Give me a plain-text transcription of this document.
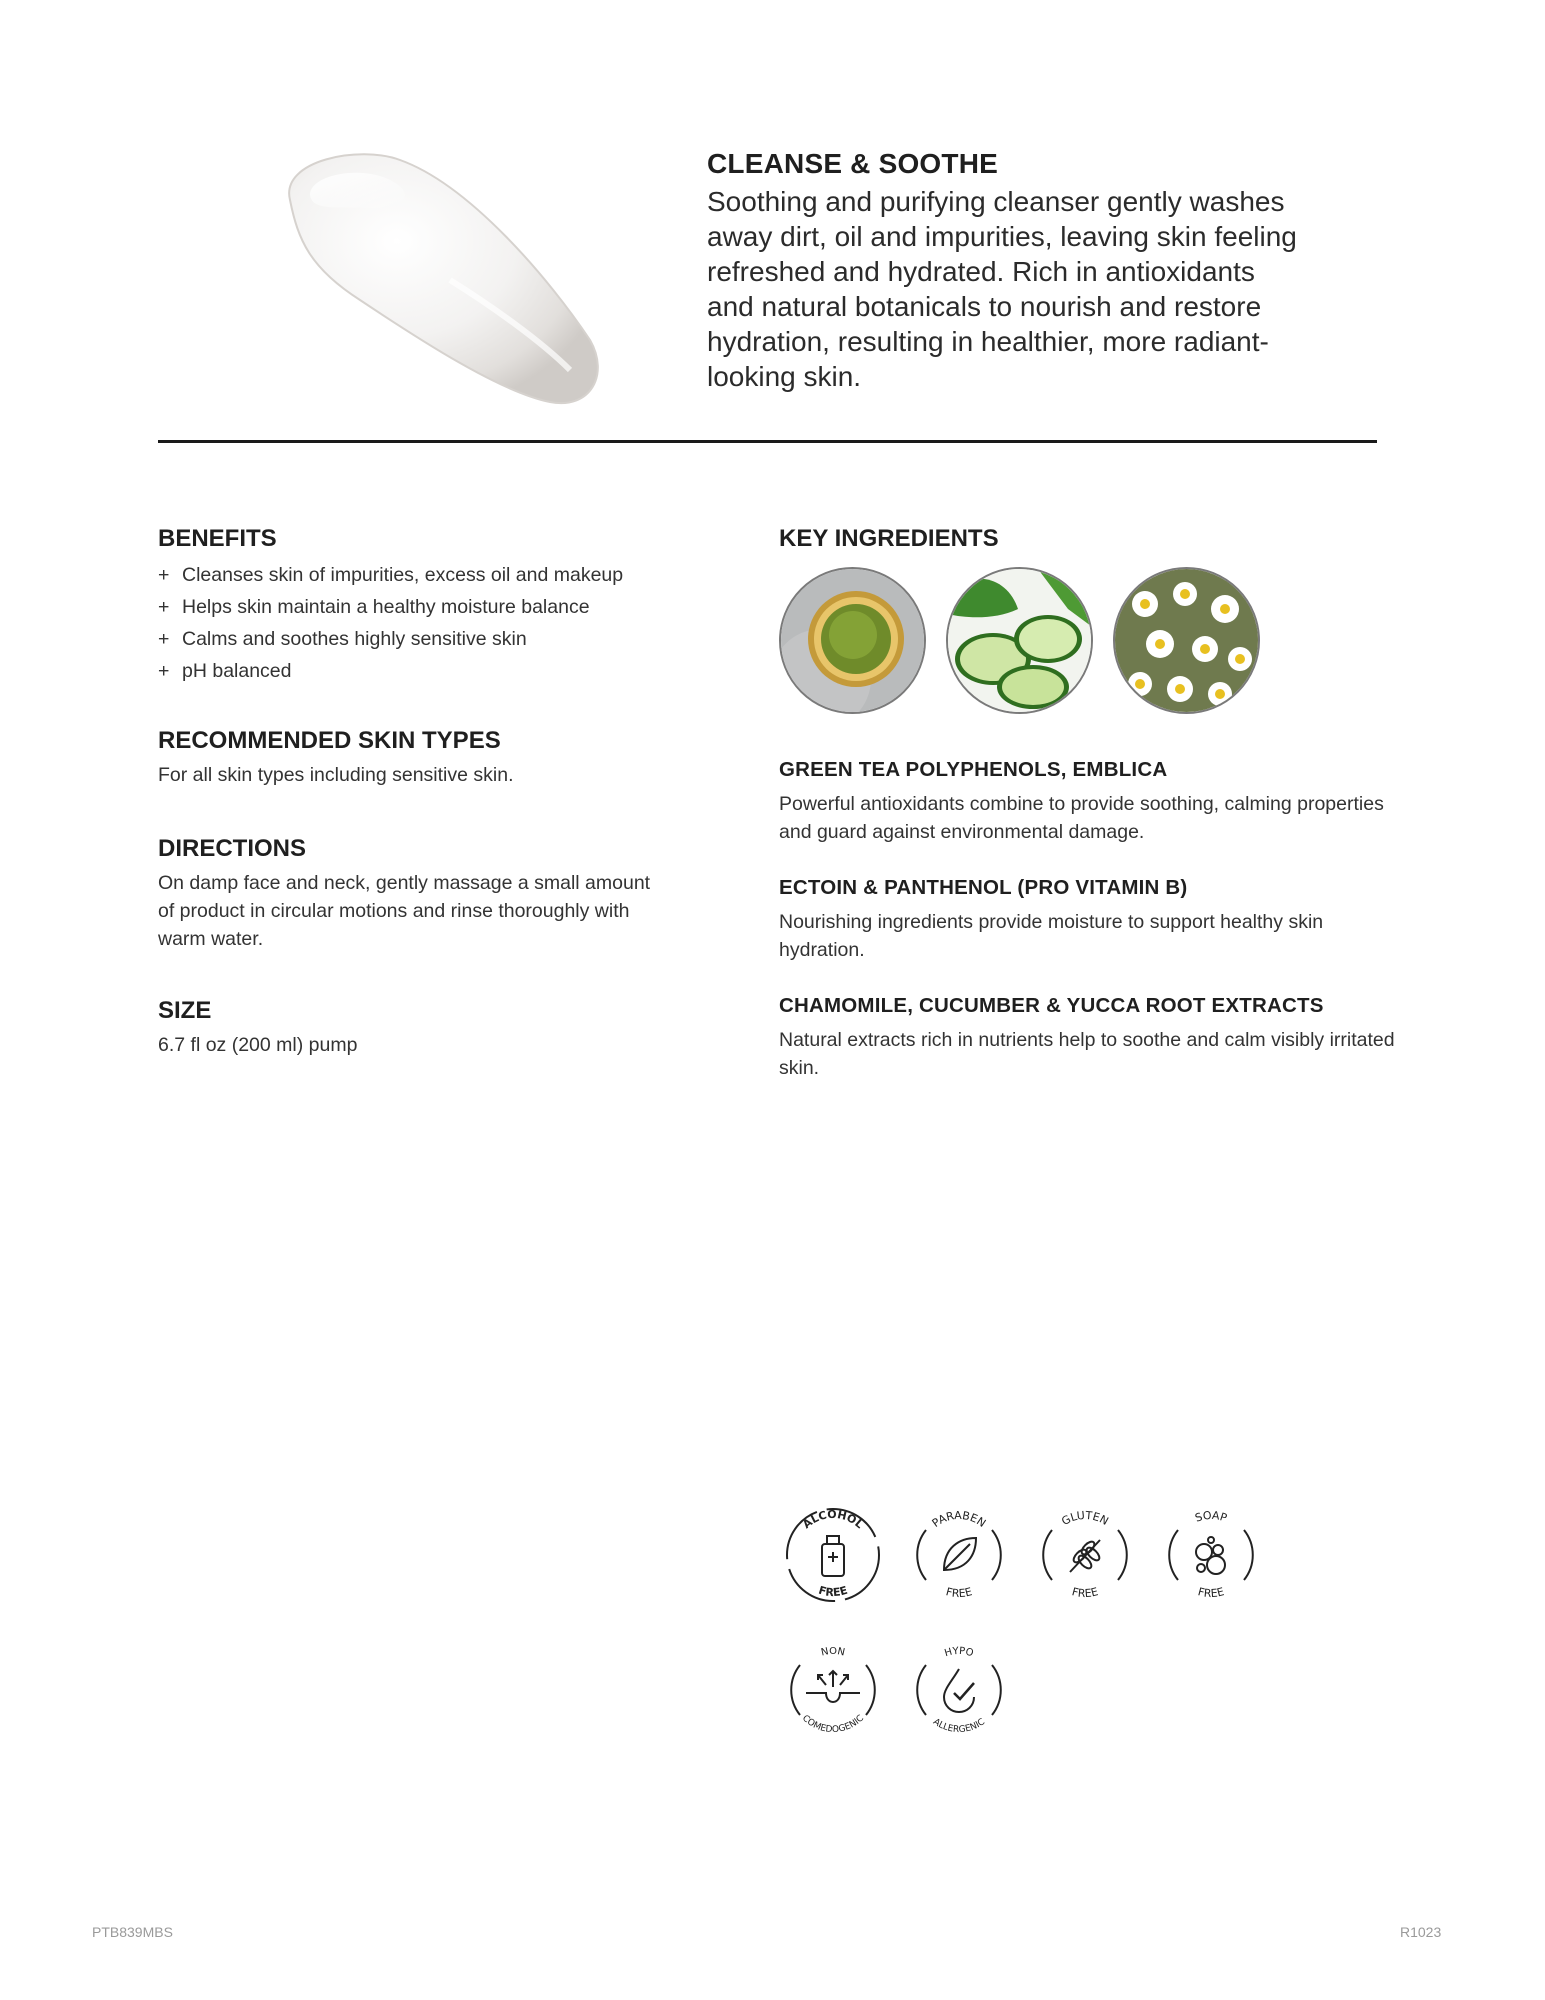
CLEANSE & SOOTHE

Soothing and purifying cleanser gently washes away dirt, oil and impurities, leaving skin feeling refreshed and hydrated. Rich in antioxidants and natural botanicals to nourish and restore hydration, resulting in healthier, more radiant-looking skin.

BENEFITS
+ Cleanses skin of impurities, excess oil and makeup
+ Helps skin maintain a healthy moisture balance
+ Calms and soothes highly sensitive skin
+ pH balanced
RECOMMENDED SKIN TYPES
For all skin types including sensitive skin.
DIRECTIONS
On damp face and neck, gently massage a small amount of product in circular motions and rinse thoroughly with warm water.
SIZE
6.7 fl oz (200 ml) pump
KEY INGREDIENTS
GREEN TEA POLYPHENOLS, EMBLICA
Powerful antioxidants combine to provide soothing, calming properties and guard against environmental damage.
ECTOIN & PANTHENOL (PRO VITAMIN B)
Nourishing ingredients provide moisture to support healthy skin hydration.
CHAMOMILE, CUCUMBER & YUCCA ROOT EXTRACTS
Natural extracts rich in nutrients help to soothe and calm visibly irritated skin.
ALCOHOL
FREE
PARABEN
FREE
GLUTEN
FREE
SOAP
FREE
NON
COMEDOGENIC
HYPO
ALLERGENIC
PTB839MBS	R1023
